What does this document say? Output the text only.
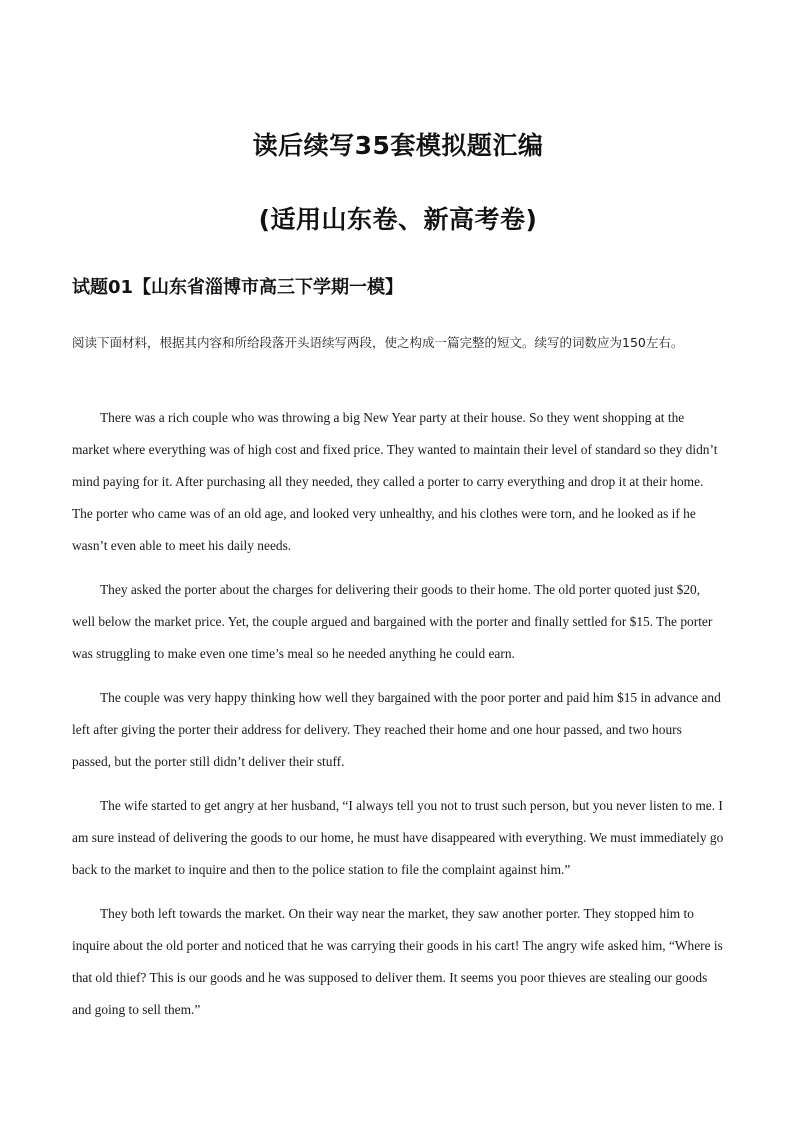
读后续写35套模拟题汇编
(适用山东卷、新高考卷)
试题01【山东省淄博市高三下学期一模】

阅读下面材料，根据其内容和所给段落开头语续写两段，使之构成一篇完整的短文。续写的词数应为150左右。

There was a rich couple who was throwing a big New Year party at their house. So they went shopping at the market where everything was of high cost and fixed price. They wanted to maintain their level of standard so they didn’t mind paying for it. After purchasing all they needed, they called a porter to carry everything and drop it at their home. The porter who came was of an old age, and looked very unhealthy, and his clothes were torn, and he looked as if he wasn’t even able to meet his daily needs.

They asked the porter about the charges for delivering their goods to their home. The old porter quoted just $20, well below the market price. Yet, the couple argued and bargained with the porter and finally settled for $15. The porter was struggling to make even one time’s meal so he needed anything he could earn.

The couple was very happy thinking how well they bargained with the poor porter and paid him $15 in advance and left after giving the porter their address for delivery. They reached their home and one hour passed, and two hours passed, but the porter still didn’t deliver their stuff.

The wife started to get angry at her husband, “I always tell you not to trust such person, but you never listen to me. I am sure instead of delivering the goods to our home, he must have disappeared with everything. We must immediately go back to the market to inquire and then to the police station to file the complaint against him.”

They both left towards the market. On their way near the market, they saw another porter. They stopped him to inquire about the old porter and noticed that he was carrying their goods in his cart! The angry wife asked him, “Where is that old thief? This is our goods and he was supposed to deliver them. It seems you poor thieves are stealing our goods and going to sell them.”
